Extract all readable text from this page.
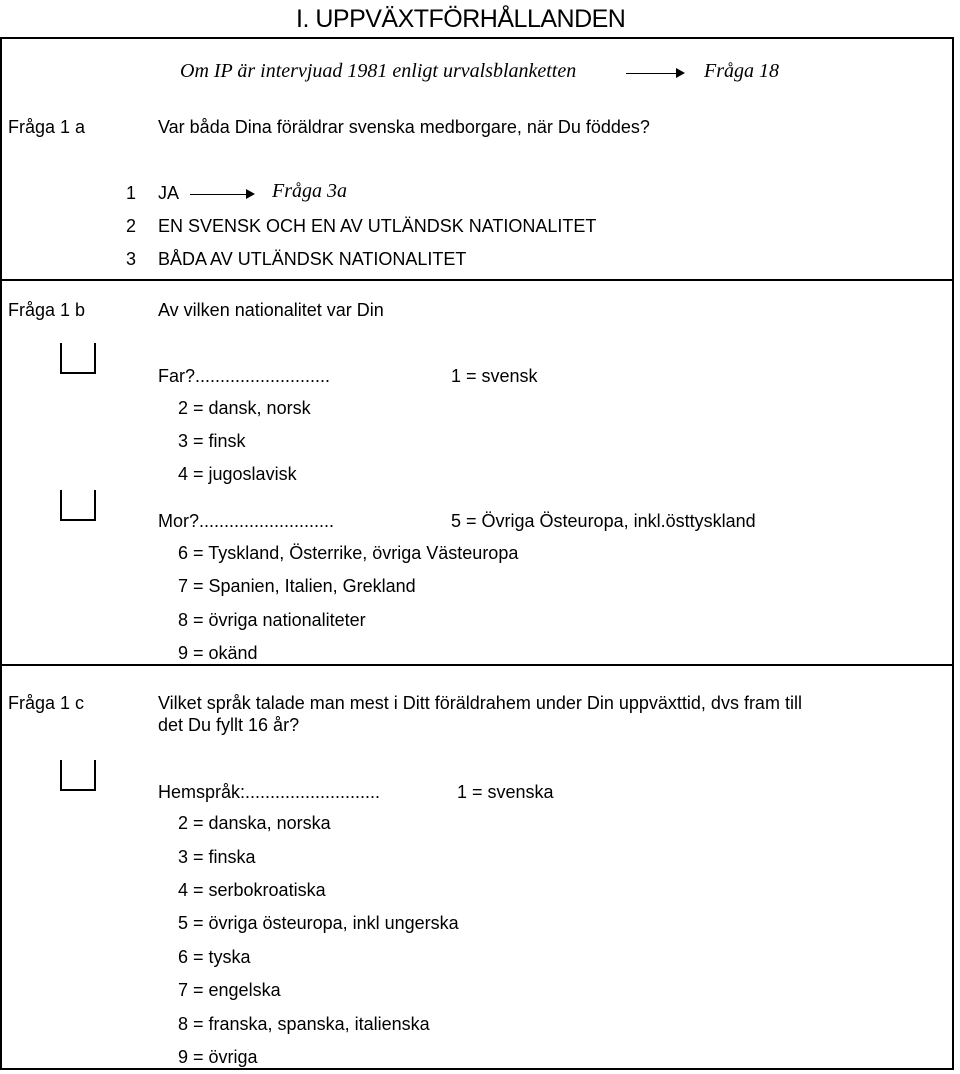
I. UPPVÄXTFÖRHÅLLANDEN
Om IP är intervjuad 1981 enligt urvalsblanketten	Fråga 18
Fråga 1 a	Var båda Dina föräldrar svenska medborgare, när Du föddes?
1 JA	Fråga 3a
2 EN SVENSK OCH EN AV UTLÄNDSK NATIONALITET
3 BÅDA AV UTLÄNDSK NATIONALITET
Fråga 1 b	Av vilken nationalitet var Din
Far?...........................	1 = svensk
2 = dansk, norsk
3 = finsk
4 = jugoslavisk
Mor?...........................	5 = Övriga Östeuropa, inkl.östtyskland
6 = Tyskland, Österrike, övriga Västeuropa
7 = Spanien, Italien, Grekland
8 = övriga nationaliteter
9 = okänd
Fråga 1 c	Vilket språk talade man mest i Ditt föräldrahem under Din uppväxttid, dvs fram till
det Du fyllt 16 år?
Hemspråk:...........................	1 = svenska
2 = danska, norska
3 = finska
4 = serbokroatiska
5 = övriga östeuropa, inkl ungerska
6 = tyska
7 = engelska
8 = franska, spanska, italienska
9 = övriga
